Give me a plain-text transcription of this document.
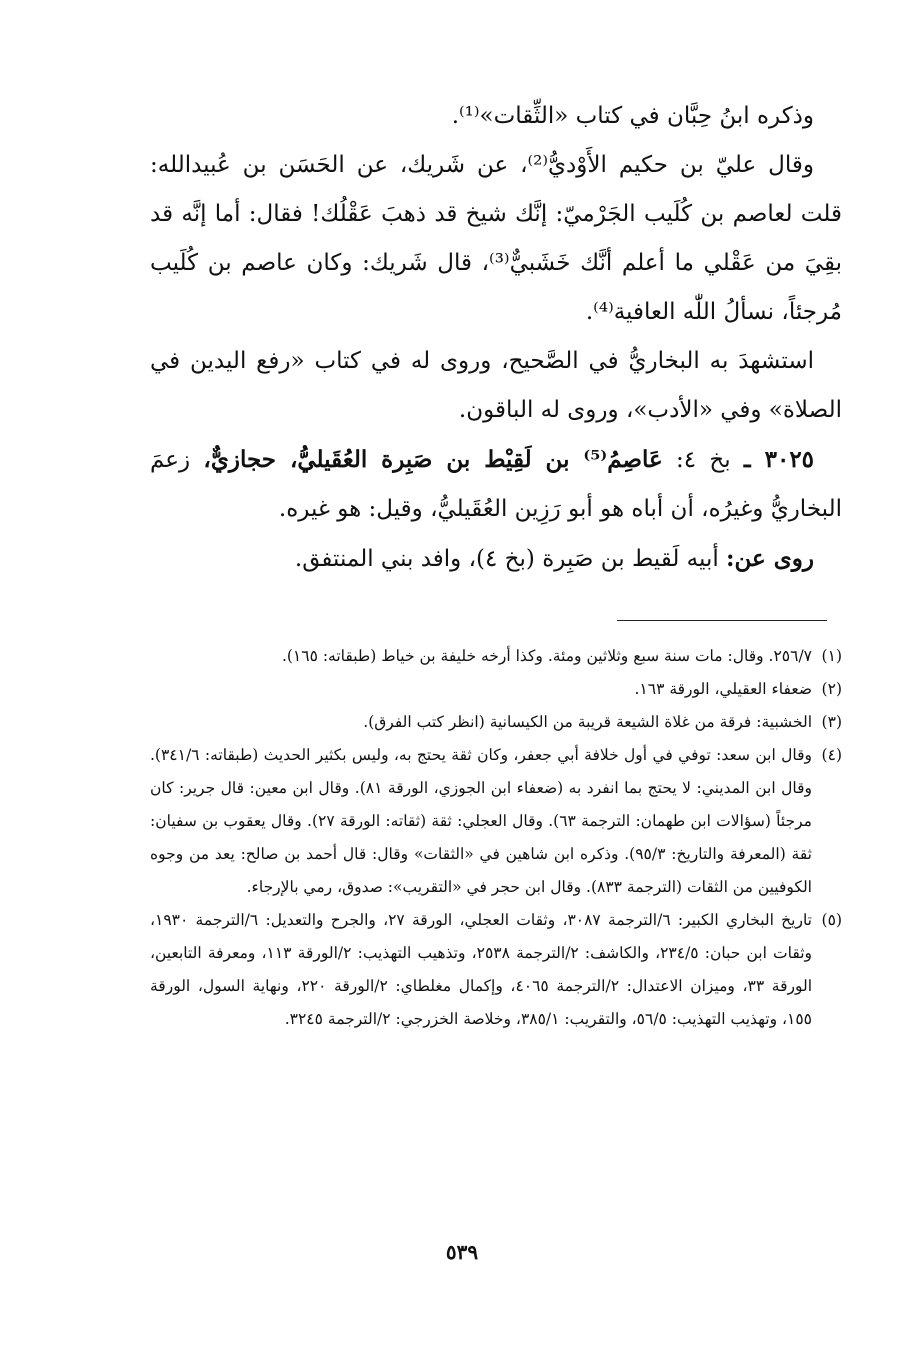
وذكره ابنُ حِبَّان في كتاب «الثِّقات»⁽¹⁾.

وقال عليّ بن حكيم الأَوْديُّ⁽²⁾، عن شَريك، عن الحَسَن بن عُبيدالله: قلت لعاصم بن كُلَيب الجَرْميّ: إنَّك شيخ قد ذهبَ عَقْلُك! فقال: أما إنَّه قد بقِيَ من عَقْلي ما أعلم أنَّك خَشَبيٌّ⁽³⁾، قال شَريك: وكان عاصم بن كُلَيب مُرجئاً، نسألُ اللّٰه العافية⁽⁴⁾.

استشهدَ به البخاريُّ في الصَّحيح، وروى له في كتاب «رفع اليدين في الصلاة» وفي «الأدب»، وروى له الباقون.

٣٠٢٥ ـ بخ ٤: عَاصِمُ⁽⁵⁾ بن لَقِيْط بن صَبِرة العُقَيليُّ، حجازيٌّ، زعمَ البخاريُّ وغيرُه، أن أباه هو أبو رَزِين العُقَيليُّ، وقيل: هو غيره.

روى عن: أبيه لَقيط بن صَبِرة (بخ ٤)، وافد بني المنتفق.

(١)
٢٥٦/٧. وقال: مات سنة سبع وثلاثين ومئة. وكذا أرخه خليفة بن خياط (طبقاته: ١٦٥).
(٢)
ضعفاء العقيلي، الورقة ١٦٣.
(٣)
الخشبية: فرقة من غلاة الشيعة قريبة من الكيسانية (انظر كتب الفرق).
(٤)
وقال ابن سعد: توفي في أول خلافة أبي جعفر، وكان ثقة يحتج به، وليس بكثير الحديث (طبقاته: ٣٤١/٦). وقال ابن المديني: لا يحتج بما انفرد به (ضعفاء ابن الجوزي، الورقة ٨١). وقال ابن معين: قال جرير: كان مرجئاً (سؤالات ابن طهمان: الترجمة ٦٣). وقال العجلي: ثقة (ثقاته: الورقة ٢٧). وقال يعقوب بن سفيان: ثقة (المعرفة والتاريخ: ٩٥/٣). وذكره ابن شاهين في «الثقات» وقال: قال أحمد بن صالح: يعد من وجوه الكوفيين من الثقات (الترجمة ٨٣٣). وقال ابن حجر في «التقريب»: صدوق، رمي بالإرجاء.
(٥)
تاريخ البخاري الكبير: ٦/الترجمة ٣٠٨٧، وثقات العجلي، الورقة ٢٧، والجرح والتعديل: ٦/الترجمة ١٩٣٠، وثقات ابن حبان: ٢٣٤/٥، والكاشف: ٢/الترجمة ٢٥٣٨، وتذهيب التهذيب: ٢/الورقة ١١٣، ومعرفة التابعين، الورقة ٣٣، وميزان الاعتدال: ٢/الترجمة ٤٠٦٥، وإكمال مغلطاي: ٢/الورقة ٢٢٠، ونهاية السول، الورقة ١٥٥، وتهذيب التهذيب: ٥٦/٥، والتقريب: ٣٨٥/١، وخلاصة الخزرجي: ٢/الترجمة ٣٢٤٥.
٥٣٩
